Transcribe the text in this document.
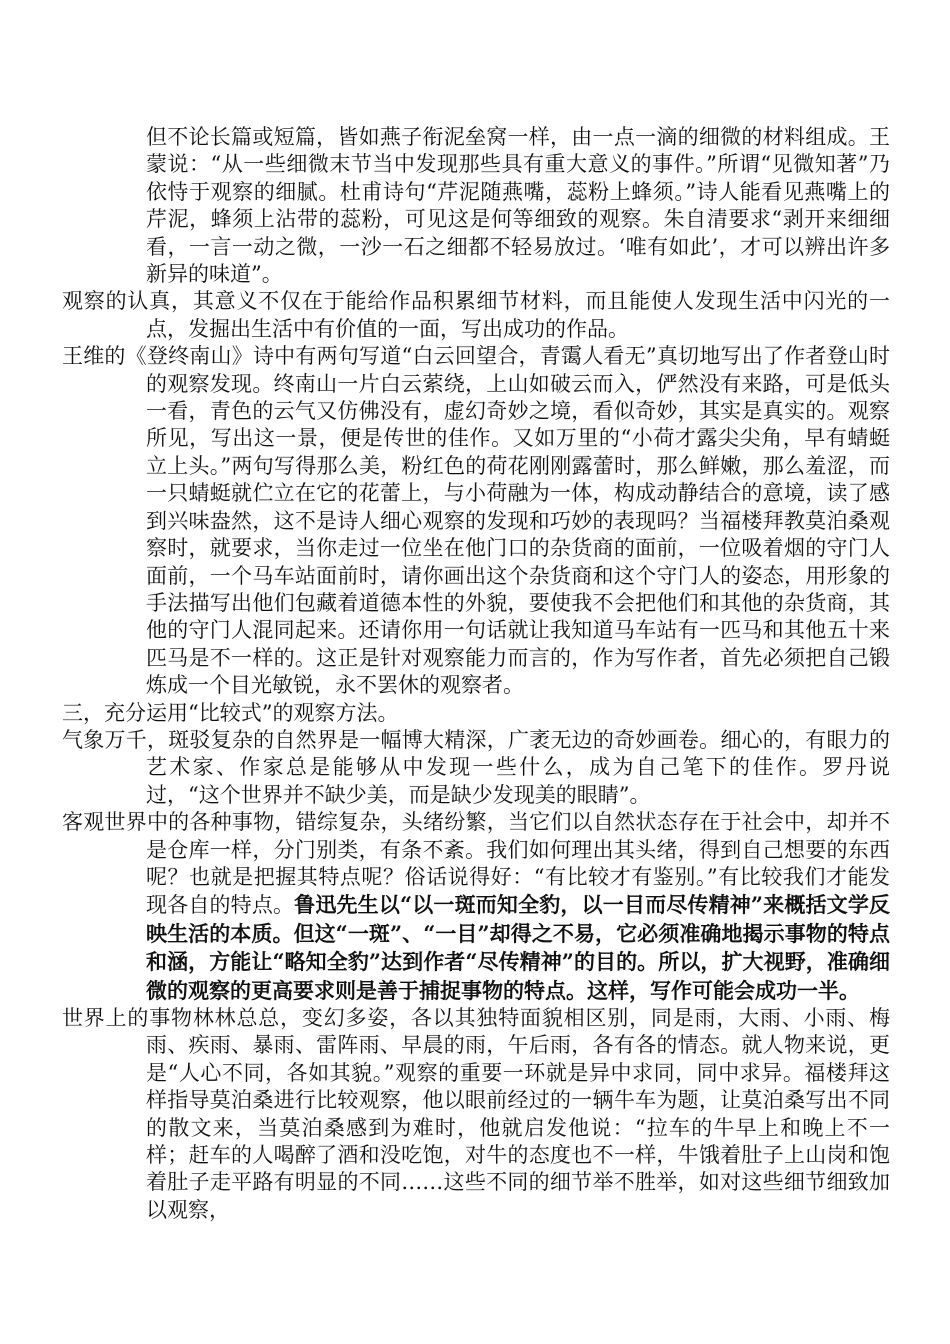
但不论长篇或短篇，皆如燕子衔泥垒窝一样，由一点一滴的细微的材料组成。王蒙说：“从一些细微末节当中发现那些具有重大意义的事件。”所谓“见微知著”乃依恃于观察的细腻。杜甫诗句“芹泥随燕嘴，蕊粉上蜂须。”诗人能看见燕嘴上的芹泥，蜂须上沾带的蕊粉，可见这是何等细致的观察。朱自清要求“剥开来细细看，一言一动之微，一沙一石之细都不轻易放过。‘唯有如此’，才可以辨出许多新异的味道”。

观察的认真，其意义不仅在于能给作品积累细节材料，而且能使人发现生活中闪光的一点，发掘出生活中有价值的一面，写出成功的作品。

王维的《登终南山》诗中有两句写道“白云回望合，青霭人看无”真切地写出了作者登山时的观察发现。终南山一片白云萦绕，上山如破云而入，俨然没有来路，可是低头一看，青色的云气又仿佛没有，虚幻奇妙之境，看似奇妙，其实是真实的。观察所见，写出这一景，便是传世的佳作。又如万里的“小荷才露尖尖角，早有蜻蜓立上头。”两句写得那么美，粉红色的荷花刚刚露蕾时，那么鲜嫩，那么羞涩，而一只蜻蜓就伫立在它的花蕾上，与小荷融为一体，构成动静结合的意境，读了感到兴味盎然，这不是诗人细心观察的发现和巧妙的表现吗？当福楼拜教莫泊桑观察时，就要求，当你走过一位坐在他门口的杂货商的面前，一位吸着烟的守门人面前，一个马车站面前时，请你画出这个杂货商和这个守门人的姿态，用形象的手法描写出他们包藏着道德本性的外貌，要使我不会把他们和其他的杂货商，其他的守门人混同起来。还请你用一句话就让我知道马车站有一匹马和其他五十来匹马是不一样的。这正是针对观察能力而言的，作为写作者，首先必须把自己锻炼成一个目光敏锐，永不罢休的观察者。

三，充分运用“比较式”的观察方法。

气象万千，斑驳复杂的自然界是一幅博大精深，广袤无边的奇妙画卷。细心的，有眼力的艺术家、作家总是能够从中发现一些什么，成为自己笔下的佳作。罗丹说过，“这个世界并不缺少美，而是缺少发现美的眼睛”。

客观世界中的各种事物，错综复杂，头绪纷繁，当它们以自然状态存在于社会中，却并不是仓库一样，分门别类，有条不紊。我们如何理出其头绪，得到自己想要的东西呢？也就是把握其特点呢？俗话说得好：“有比较才有鉴别。”有比较我们才能发现各自的特点。鲁迅先生以“以一斑而知全豹，以一目而尽传精神”来概括文学反映生活的本质。但这“一斑”、“一目”却得之不易，它必须准确地揭示事物的特点和涵，方能让“略知全豹”达到作者“尽传精神”的目的。所以，扩大视野，准确细微的观察的更高要求则是善于捕捉事物的特点。这样，写作可能会成功一半。

世界上的事物林林总总，变幻多姿，各以其独特面貌相区别，同是雨，大雨、小雨、梅雨、疾雨、暴雨、雷阵雨、早晨的雨，午后雨，各有各的情态。就人物来说，更是“人心不同，各如其貌。”观察的重要一环就是异中求同，同中求异。福楼拜这样指导莫泊桑进行比较观察，他以眼前经过的一辆牛车为题，让莫泊桑写出不同的散文来，当莫泊桑感到为难时，他就启发他说：“拉车的牛早上和晚上不一样；赶车的人喝醉了酒和没吃饱，对牛的态度也不一样，牛饿着肚子上山岗和饱着肚子走平路有明显的不同……这些不同的细节举不胜举，如对这些细节细致加以观察，
